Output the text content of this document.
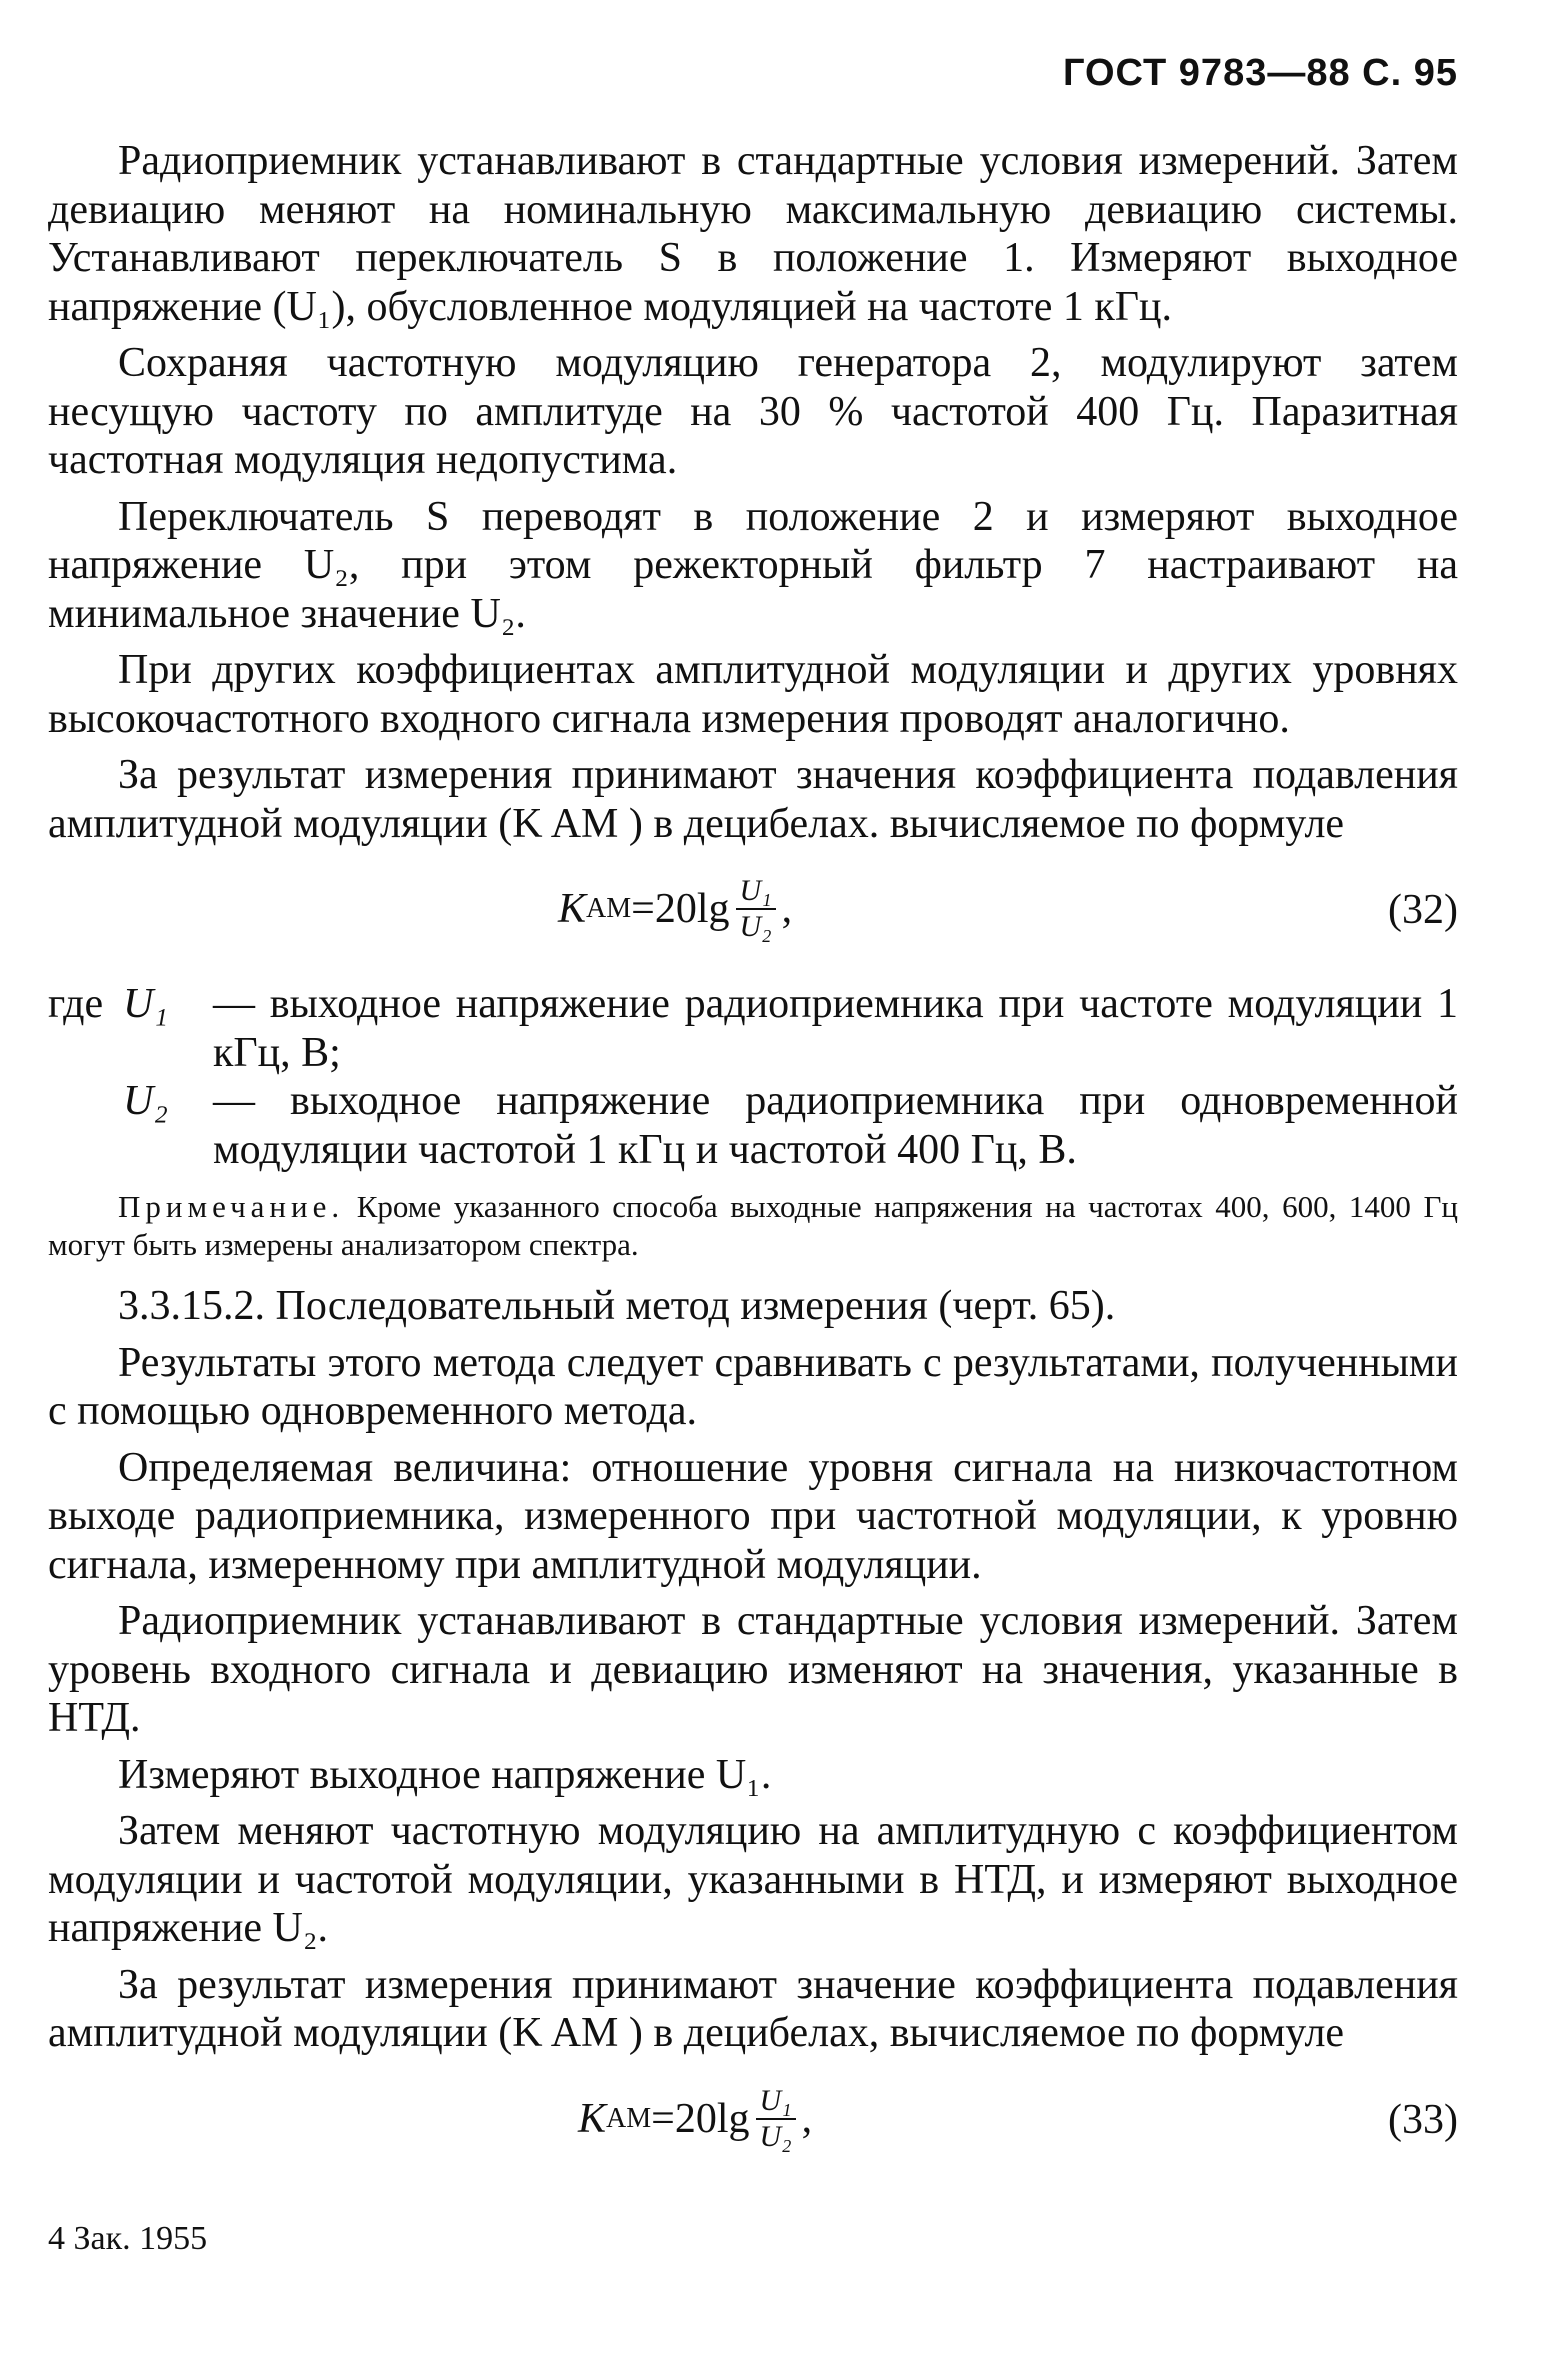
ГОСТ 9783—88 С. 95

Радиоприемник устанавливают в стандартные условия измерений. Затем девиацию меняют на номинальную максимальную девиацию системы. Устанавливают переключатель S в положение 1. Измеряют выходное напряжение (U₁), обусловленное модуляцией на частоте 1 кГц.

Сохраняя частотную модуляцию генератора 2, модулируют затем несущую частоту по амплитуде на 30 % частотой 400 Гц. Паразитная частотная модуляция недопустима.

Переключатель S переводят в положение 2 и измеряют выходное напряжение U₂, при этом режекторный фильтр 7 настраивают на минимальное значение U₂.

При других коэффициентах амплитудной модуляции и других уровнях высокочастотного входного сигнала измерения проводят аналогично.

За результат измерения принимают значения коэффициента подавления амплитудной модуляции (K AM ) в децибелах. вычисляемое по формуле

K AM $=20\lg \frac{\text{U₁}}{\text{U₂}}$ ,	(32)
где U₁	— выходное напряжение радиоприемника при частоте модуляции 1 кГц, В;
U₂	— выходное напряжение радиоприемника при одновременной модуляции частотой 1 кГц и частотой 400 Гц, В.

Примечание. Кроме указанного способа выходные напряжения на частотах 400, 600, 1400 Гц могут быть измерены анализатором спектра.

3.3.15.2. Последовательный метод измерения (черт. 65).

Результаты этого метода следует сравнивать с результатами, полученными с помощью одновременного метода.

Определяемая величина: отношение уровня сигнала на низкочастотном выходе радиоприемника, измеренного при частотной модуляции, к уровню сигнала, измеренному при амплитудной модуляции.

Радиоприемник устанавливают в стандартные условия измерений. Затем уровень входного сигнала и девиацию изменяют на значения, указанные в НТД.

Измеряют выходное напряжение U₁.

Затем меняют частотную модуляцию на амплитудную с коэффициентом модуляции и частотой модуляции, указанными в НТД, и измеряют выходное напряжение U₂.

За результат измерения принимают значение коэффициента подавления амплитудной модуляции (K AM ) в децибелах, вычисляемое по формуле

K AM $=20\lg \frac{\text{U₁}}{\text{U₂}}$ ,	(33)
4 Зак. 1955
